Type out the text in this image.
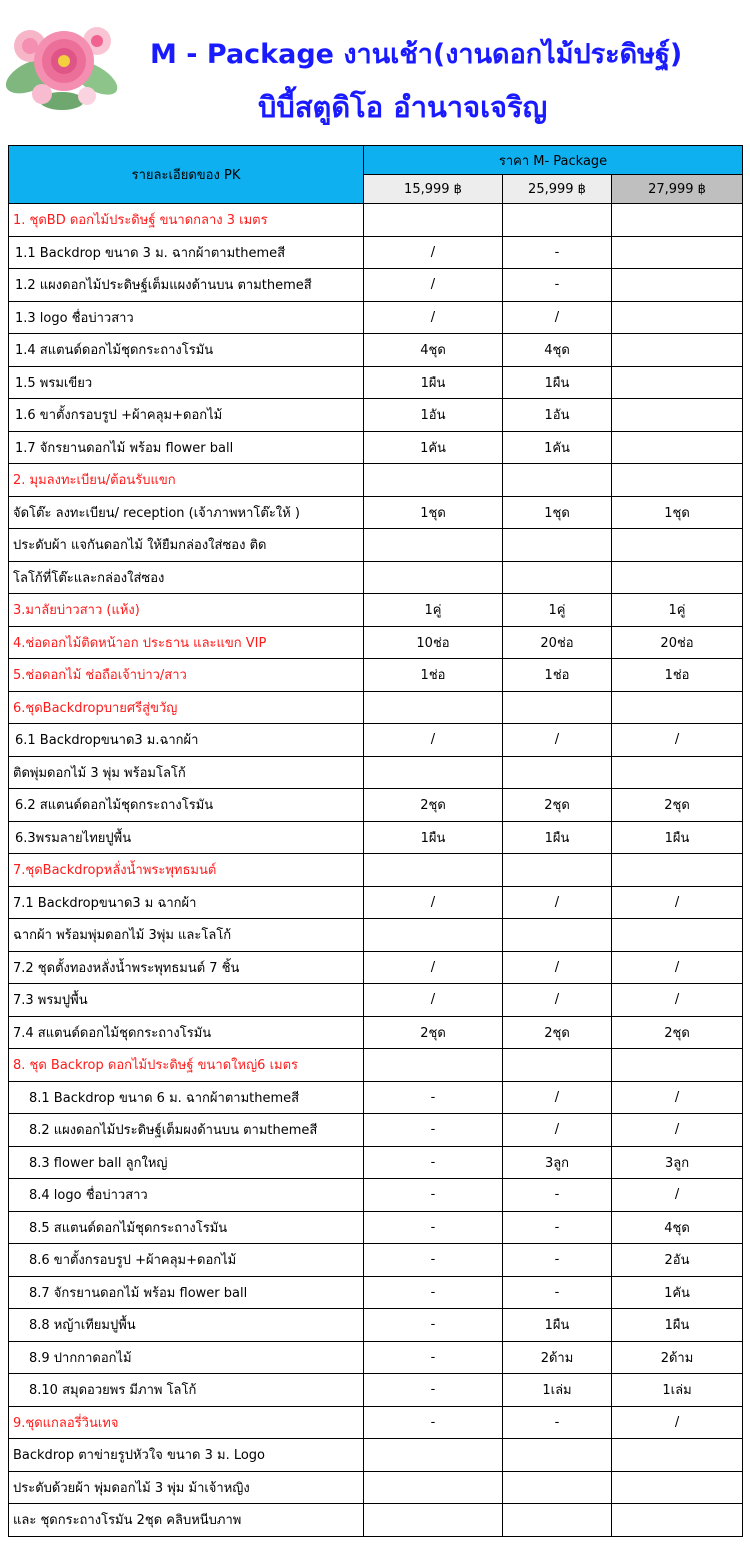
M - Package งานเช้า(งานดอกไม้ประดิษฐ์)
บิบี้สตูดิโอ อำนาจเจริญ
รายละเอียดของ PK	ราคา M- Package		
	15,999 ฿	25,999 ฿	27,999 ฿
1. ชุดBD ดอกไม้ประดิษฐ์ ขนาดกลาง 3 เมตร			
1.1 Backdrop ขนาด 3 ม. ฉากผ้าตามthemeสี	/	-	
1.2 แผงดอกไม้ประดิษฐ์เต็มแผงด้านบน ตามthemeสี	/	-	
1.3 logo ชื่อบ่าวสาว	/	/	
1.4 สแตนด์ดอกไม้ชุดกระถางโรมัน	4ชุด	4ชุด	
1.5 พรมเขียว	1ผืน	1ผืน	
1.6 ขาตั้งกรอบรูป +ผ้าคลุม+ดอกไม้	1อัน	1อัน	
1.7 จักรยานดอกไม้ พร้อม flower ball	1คัน	1คัน	
2. มุมลงทะเบียน/ต้อนรับแขก			
จัดโต๊ะ ลงทะเบียน/ reception (เจ้าภาพหาโต๊ะให้ )	1ชุด	1ชุด	1ชุด
ประดับผ้า แจกันดอกไม้ ให้ยืมกล่องใส่ซอง ติด			
โลโก้ที่โต๊ะและกล่องใส่ซอง			
3.มาลัยบ่าวสาว (แห้ง)	1คู่	1คู่	1คู่
4.ช่อดอกไม้ติดหน้าอก ประธาน และแขก VIP	10ช่อ	20ช่อ	20ช่อ
5.ช่อดอกไม้ ช่อถือเจ้าบ่าว/สาว	1ช่อ	1ช่อ	1ช่อ
6.ชุดBackdropบายศรีสู่ขวัญ			
6.1 Backdropขนาด3 ม.ฉากผ้า	/	/	/
ติดพุ่มดอกไม้ 3 พุ่ม พร้อมโลโก้			
6.2 สแตนด์ดอกไม้ชุดกระถางโรมัน	2ชุด	2ชุด	2ชุด
6.3พรมลายไทยปูพื้น	1ผืน	1ผืน	1ผืน
7.ชุดBackdropหลั่งน้ำพระพุทธมนต์			
7.1 Backdropขนาด3 ม ฉากผ้า	/	/	/
ฉากผ้า พร้อมพุ่มดอกไม้ 3พุ่ม และโลโก้			
7.2 ชุดตั้งทองหลั่งน้ำพระพุทธมนต์ 7 ชิ้น	/	/	/
7.3 พรมปูพื้น	/	/	/
7.4 สแตนด์ดอกไม้ชุดกระถางโรมัน	2ชุด	2ชุด	2ชุด
8. ชุด Backrop ดอกไม้ประดิษฐ์ ขนาดใหญ่6 เมตร			
8.1 Backdrop ขนาด 6 ม. ฉากผ้าตามthemeสี	-	/	/
8.2 แผงดอกไม้ประดิษฐ์เต็มผงด้านบน ตามthemeสี	-	/	/
8.3 flower ball ลูกใหญ่	-	3ลูก	3ลูก
8.4 logo ชื่อบ่าวสาว	-	-	/
8.5 สแตนด์ดอกไม้ชุดกระถางโรมัน	-	-	4ชุด
8.6 ขาตั้งกรอบรูป +ผ้าคลุม+ดอกไม้	-	-	2อัน
8.7 จักรยานดอกไม้ พร้อม flower ball	-	-	1คัน
8.8 หญ้าเทียมปูพื้น	-	1ผืน	1ผืน
8.9 ปากกาดอกไม้	-	2ด้าม	2ด้าม
8.10 สมุดอวยพร มีภาพ โลโก้	-	1เล่ม	1เล่ม
9.ชุดแกลอรี่วินเทจ	-	-	/
Backdrop ตาข่ายรูปหัวใจ ขนาด 3 ม. Logo			
ประดับด้วยผ้า พุ่มดอกไม้ 3 พุ่ม ม้าเจ้าหญิง			
และ ชุดกระถางโรมัน 2ชุด คลิบหนีบภาพ			
